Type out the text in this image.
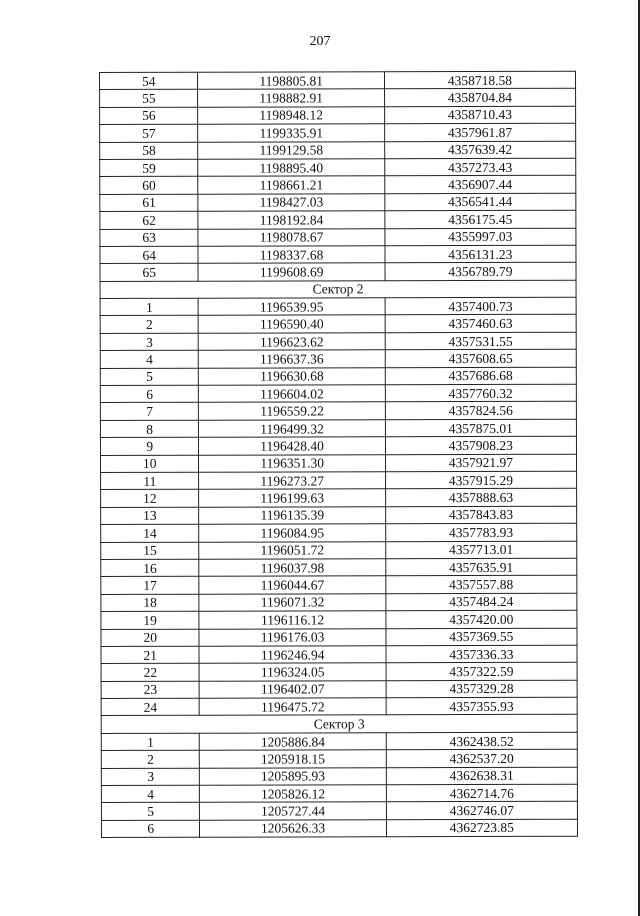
207
54	1198805.81	4358718.58
55	1198882.91	4358704.84
56	1198948.12	4358710.43
57	1199335.91	4357961.87
58	1199129.58	4357639.42
59	1198895.40	4357273.43
60	1198661.21	4356907.44
61	1198427.03	4356541.44
62	1198192.84	4356175.45
63	1198078.67	4355997.03
64	1198337.68	4356131.23
65	1199608.69	4356789.79
Сектор 2		
1	1196539.95	4357400.73
2	1196590.40	4357460.63
3	1196623.62	4357531.55
4	1196637.36	4357608.65
5	1196630.68	4357686.68
6	1196604.02	4357760.32
7	1196559.22	4357824.56
8	1196499.32	4357875.01
9	1196428.40	4357908.23
10	1196351.30	4357921.97
11	1196273.27	4357915.29
12	1196199.63	4357888.63
13	1196135.39	4357843.83
14	1196084.95	4357783.93
15	1196051.72	4357713.01
16	1196037.98	4357635.91
17	1196044.67	4357557.88
18	1196071.32	4357484.24
19	1196116.12	4357420.00
20	1196176.03	4357369.55
21	1196246.94	4357336.33
22	1196324.05	4357322.59
23	1196402.07	4357329.28
24	1196475.72	4357355.93
Сектор 3		
1	1205886.84	4362438.52
2	1205918.15	4362537.20
3	1205895.93	4362638.31
4	1205826.12	4362714.76
5	1205727.44	4362746.07
6	1205626.33	4362723.85
